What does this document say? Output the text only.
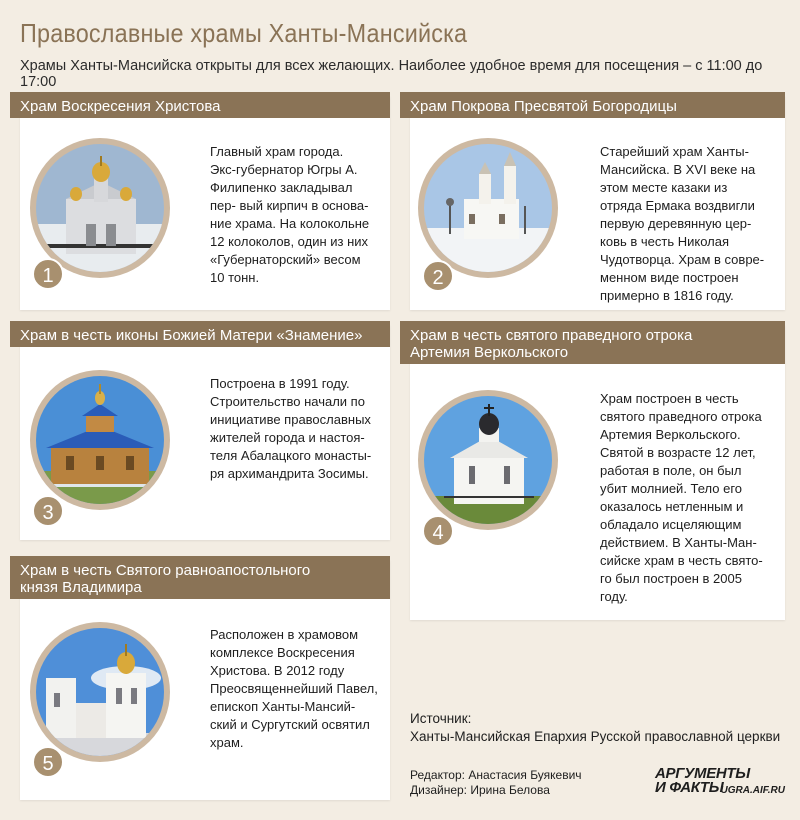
Православные храмы Ханты-Мансийска
Храмы Ханты-Мансийска открыты для всех желающих. Наиболее удобное время для посещения – с 11:00 до 17:00
Храм Воскресения Христова
1
Главный храм города.
Экс-губернатор Югры А.
Филипенко закладывал
пер- вый кирпич в основа-
ние храма. На колокольне
12 колоколов, один из них
«Губернаторский» весом
10 тонн.
Храм Покрова Пресвятой Богородицы
2
Старейший храм Ханты-
Мансийска. В XVI веке на
этом месте казаки из
отряда Ермака воздвигли
первую деревянную цер-
ковь в честь Николая
Чудотворца. Храм в совре-
менном виде построен
примерно в 1816 году.
Храм в честь иконы Божией Матери «Знамение»
3
Построена в 1991 году.
Строительство начали по
инициативе православных
жителей города и настоя-
теля Абалацкого монасты-
ря архимандрита Зосимы.
Храм в честь святого праведного отрока
Артемия Веркольского
4
Храм построен в честь
святого праведного отрока
Артемия Веркольского.
Святой в возрасте 12 лет,
работая в поле, он был
убит молнией. Тело его
оказалось нетленным и
обладало исцеляющим
действием. В Ханты-Ман-
сийске храм в честь свято-
го был построен в 2005
году.
Храм в честь Святого равноапостольного
князя Владимира
5
Расположен в храмовом
комплексе Воскресения
Христова. В 2012 году
Преосвященнейший Павел,
епископ Ханты-Мансий-
ский и Сургутский освятил
храм.
Источник:
Ханты-Мансийская Епархия Русской православной церкви
Редактор: Анастасия Буякевич
Дизайнер: Ирина Белова
АРГУМЕНТЫ
И ФАКТЫ
UGRA.AIF.RU
